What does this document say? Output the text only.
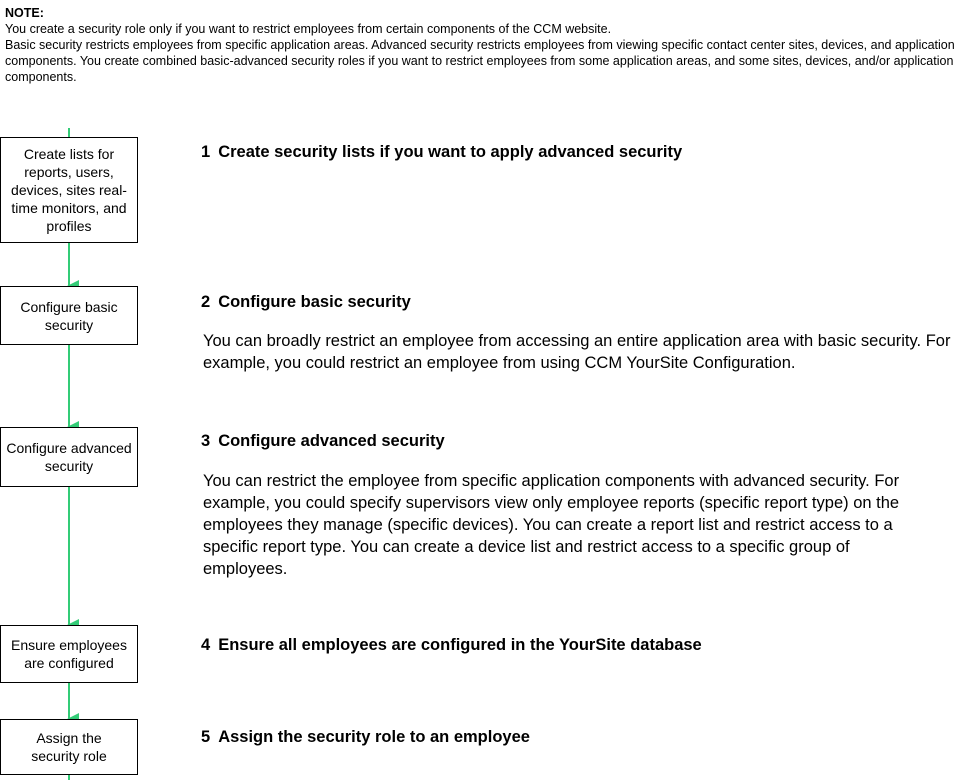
NOTE:

You create a security role only if you want to restrict employees from certain components of the CCM website.

Basic security restricts employees from specific application areas. Advanced security restricts employees from viewing specific contact center sites, devices, and application components. You create combined basic-advanced security roles if you want to restrict employees from some application areas, and some sites, devices, and/or application components.

Create lists for reports, users, devices, sites real-time monitors, and profiles
Configure basic security
Configure advanced security
Ensure employees are configured
Assign the security role
1 Create security lists if you want to apply advanced security
2 Configure basic security
You can broadly restrict an employee from accessing an entire application area with basic security. For example, you could restrict an employee from using CCM YourSite Configuration.
3 Configure advanced security
You can restrict the employee from specific application components with advanced security. For example, you could specify supervisors view only employee reports (specific report type) on the employees they manage (specific devices). You can create a report list and restrict access to a specific report type. You can create a device list and restrict access to a specific group of employees.
4 Ensure all employees are configured in the YourSite database
5 Assign the security role to an employee
